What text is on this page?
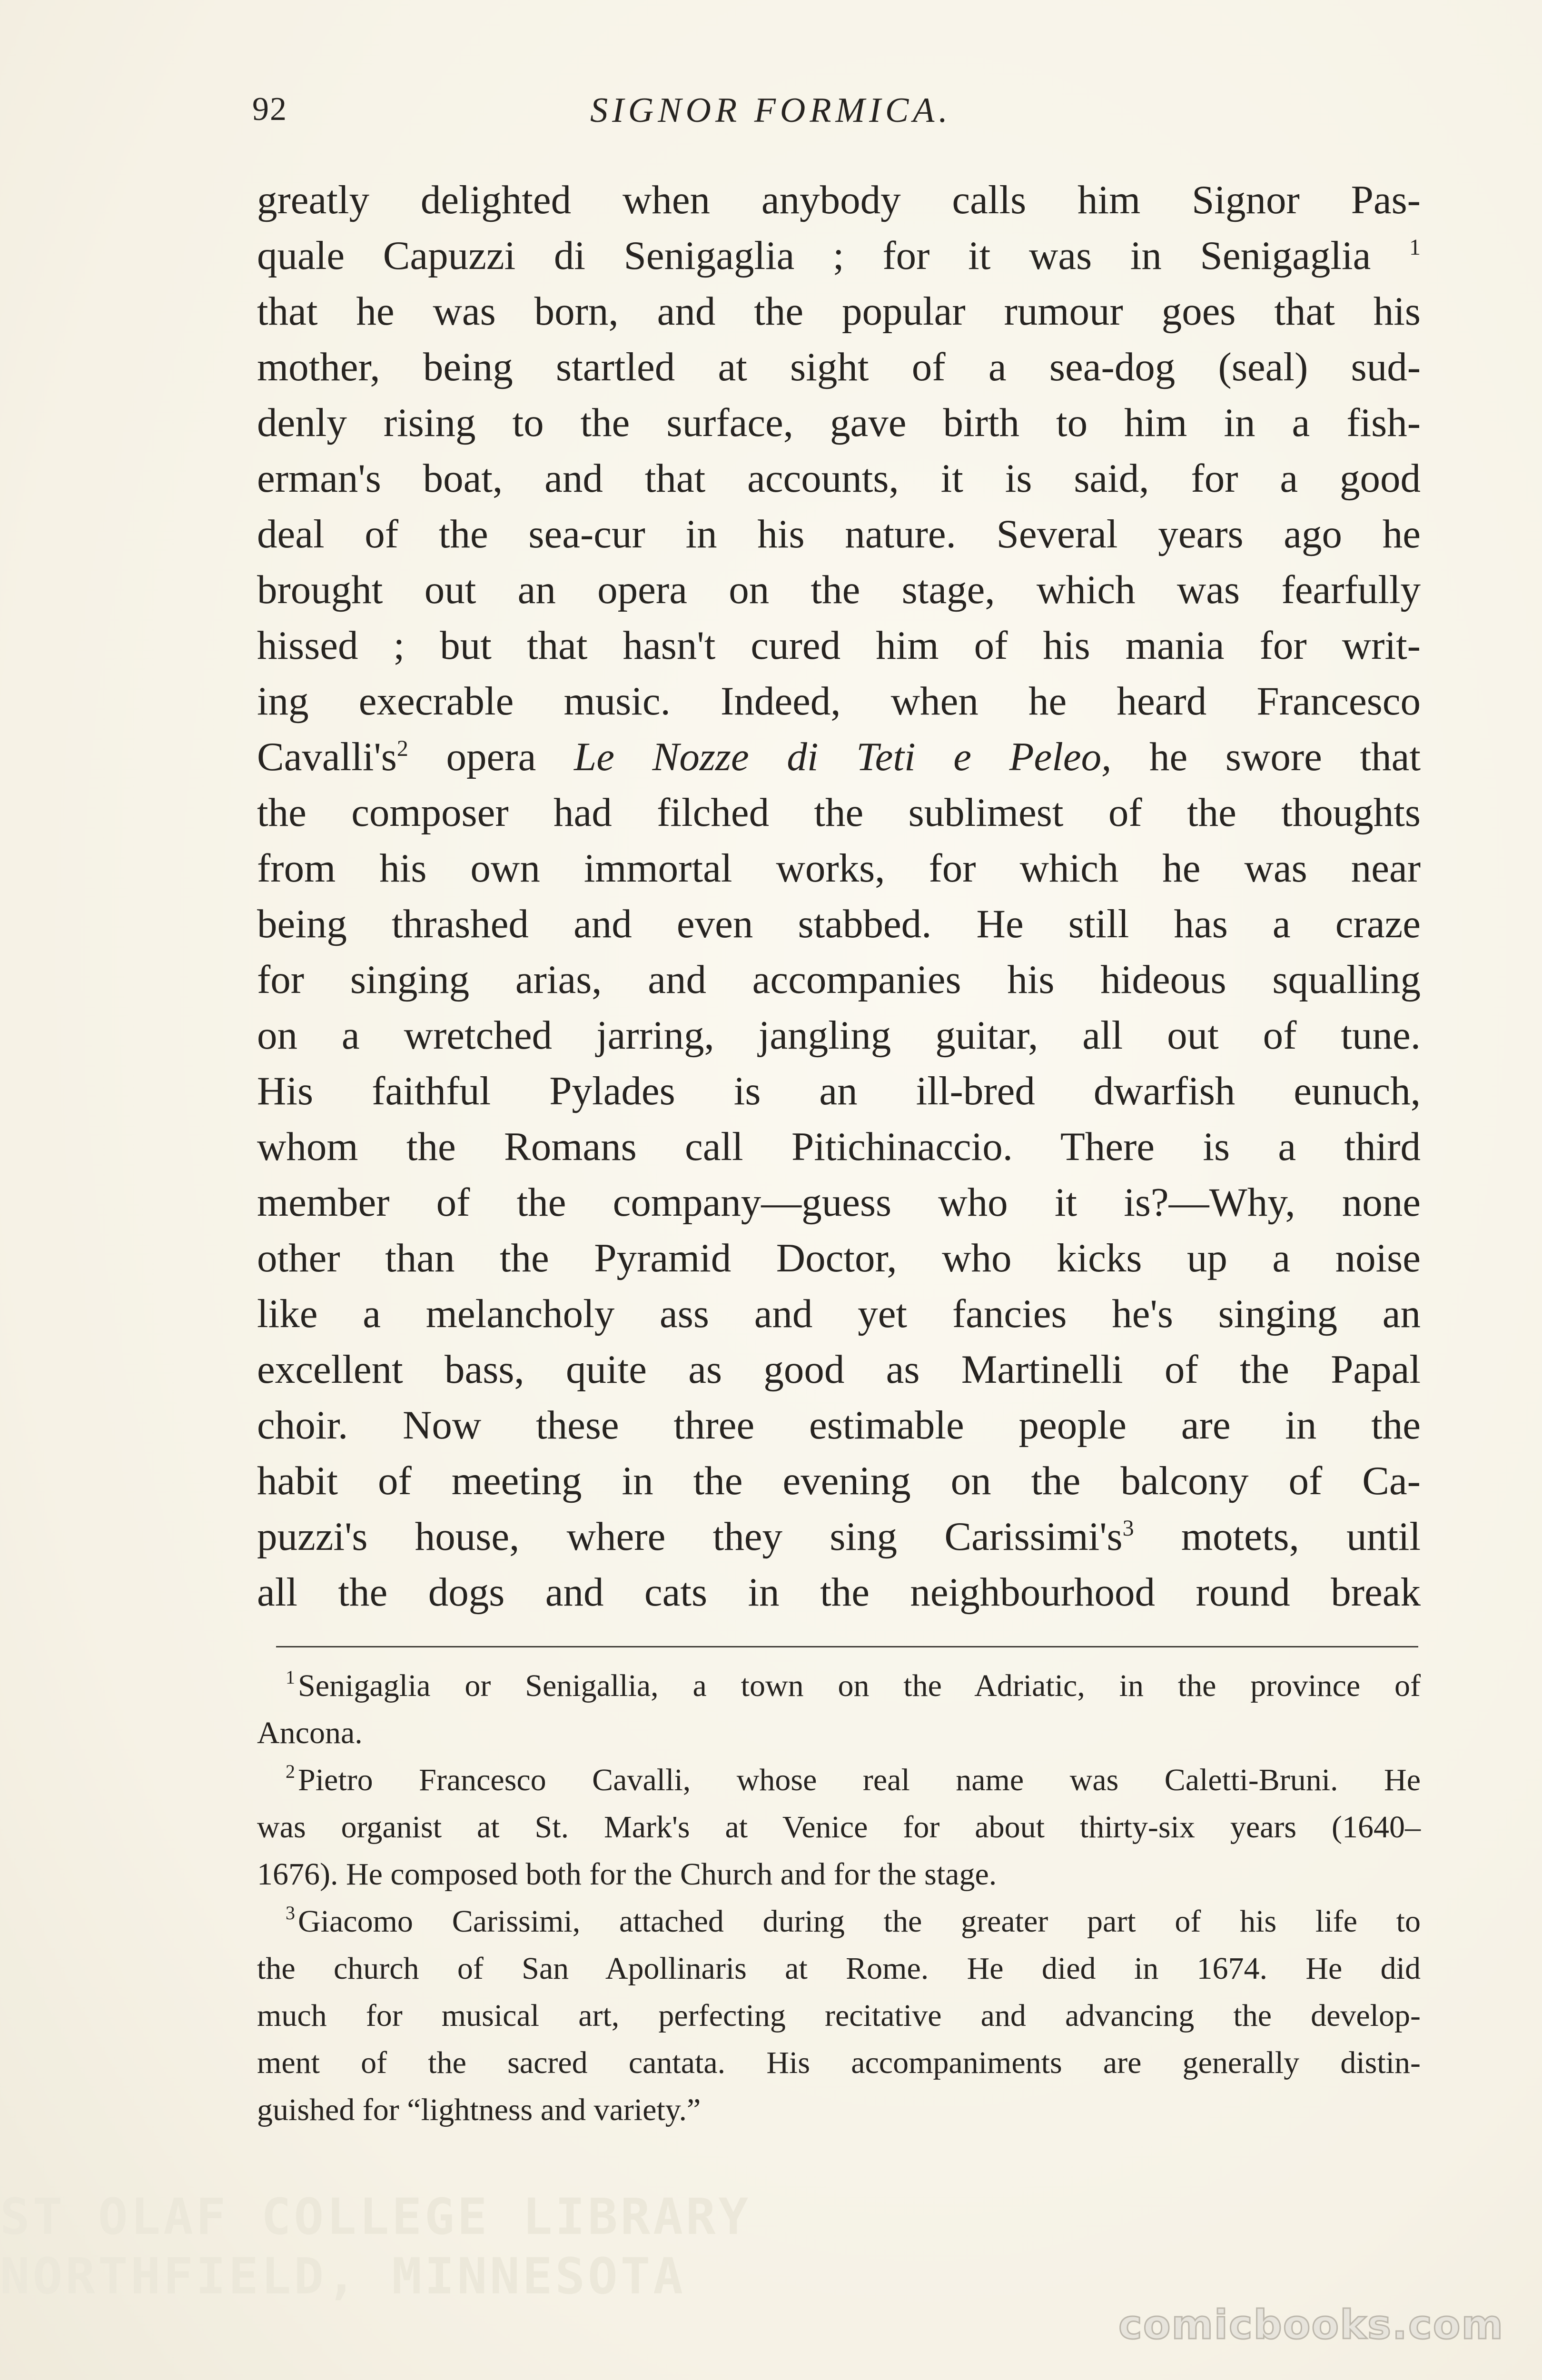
92	SIGNOR FORMICA.
greatly delighted when anybody calls him Signor Pas-
quale Capuzzi di Senigaglia ; for it was in Senigaglia $^1$
that he was born, and the popular rumour goes that his
mother, being startled at sight of a sea-dog (seal) sud-
denly rising to the surface, gave birth to him in a fish-
erman's boat, and that accounts, it is said, for a good
deal of the sea-cur in his nature. Several years ago he
brought out an opera on the stage, which was fearfully
hissed ; but that hasn't cured him of his mania for writ-
ing execrable music. Indeed, when he heard Francesco
$Cavalli's^2$ opera Le Nozze di Teti e Peleo, he swore that
the composer had filched the sublimest of the thoughts
from his own immortal works, for which he was near
being thrashed and even stabbed. He still has a craze
for singing arias, and accompanies his hideous squalling
on a wretched jarring, jangling guitar, all out of tune.
His faithful Pylades is an ill-bred dwarfish eunuch,
whom the Romans call Pitichinaccio. There is a third
member of the company—guess who it is?—Why, none
other than the Pyramid Doctor, who kicks up a noise
like a melancholy ass and yet fancies he's singing an
excellent bass, quite as good as Martinelli of the Papal
choir. Now these three estimable people are in the
habit of meeting in the evening on the balcony of Ca-
puzzi's house, where they sing $Carissimi's^3$ motets, until
all the dogs and cats in the neighbourhood round break
$^1$Senigaglia or Senigallia, a town on the Adriatic, in the province of
Ancona.
$^2$Pietro Francesco Cavalli, whose real name was Caletti-Bruni. He
was organist at St. Mark's at Venice for about thirty-six years (1640–
1676). He composed both for the Church and for the stage.
$^3$Giacomo Carissimi, attached during the greater part of his life to
the church of San Apollinaris at Rome. He died in 1674. He did
much for musical art, perfecting recitative and advancing the develop-
ment of the sacred cantata. His accompaniments are generally distin-
guished for “lightness and variety.”
ST OLAF COLLEGE LIBRARY
NORTHFIELD, MINNESOTA
comicbooks.com
